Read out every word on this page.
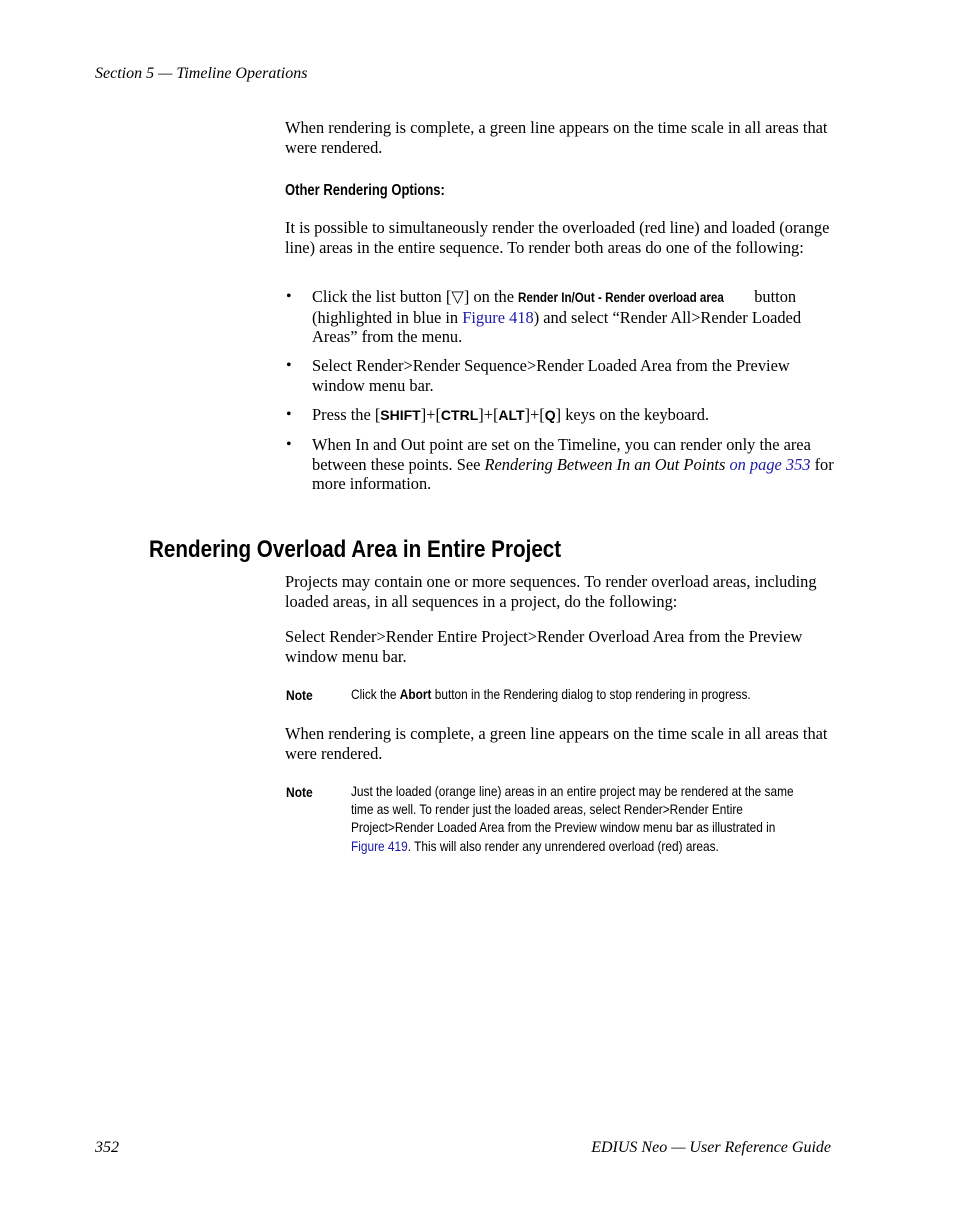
Section 5 — Timeline Operations

When rendering is complete, a green line appears on the time scale in all areas that were rendered.

Other Rendering Options:

It is possible to simultaneously render the overloaded (red line) and loaded (orange line) areas in the entire sequence. To render both areas do one of the following:

• Click the list button [▽] on the Render In/Out - Render overload area button (highlighted in blue in Figure 418) and select “Render All>Render Loaded Areas” from the menu.

• Select Render>Render Sequence>Render Loaded Area from the Preview window menu bar.

• Press the [SHIFT]+[CTRL]+[ALT]+[Q] keys on the keyboard.

• When In and Out point are set on the Timeline, you can render only the area between these points. See Rendering Between In an Out Points on page 353 for more information.

Rendering Overload Area in Entire Project

Projects may contain one or more sequences. To render overload areas, including loaded areas, in all sequences in a project, do the following:

Select Render>Render Entire Project>Render Overload Area from the Preview window menu bar.

Note	Click the Abort button in the Rendering dialog to stop rendering in progress.

When rendering is complete, a green line appears on the time scale in all areas that were rendered.

Note	Just the loaded (orange line) areas in an entire project may be rendered at the same time as well. To render just the loaded areas, select Render>Render Entire Project>Render Loaded Area from the Preview window menu bar as illustrated in Figure 419. This will also render any unrendered overload (red) areas.
352	EDIUS Neo — User Reference Guide
